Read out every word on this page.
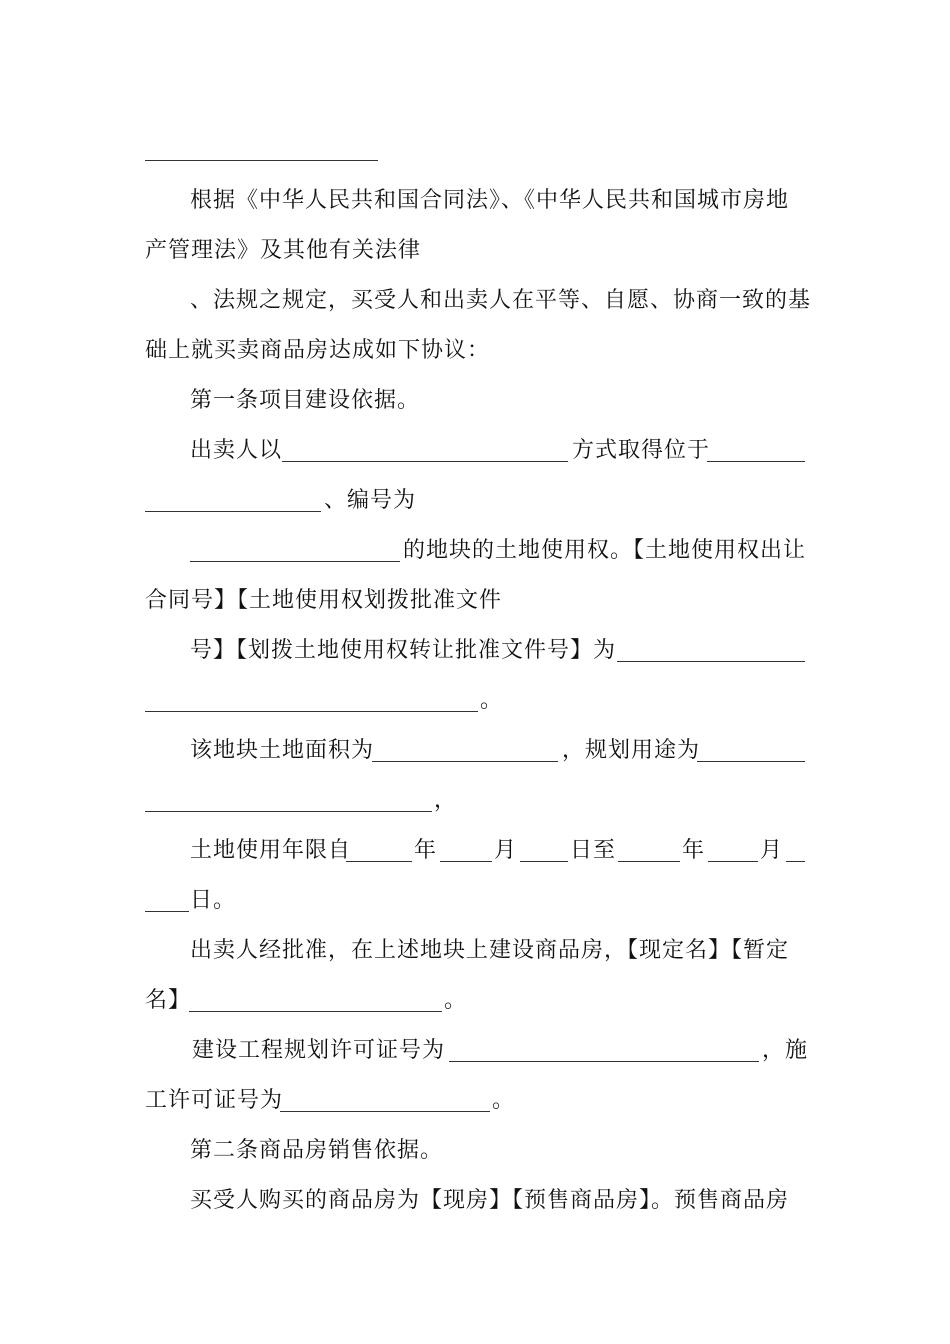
根据《中华人民共和国合同法》、《中华人民共和国城市房地
产管理法》及其他有关法律
、法规之规定，买受人和出卖人在平等、自愿、协商一致的基
础上就买卖商品房达成如下协议：
第一条项目建设依据。
出卖人以	方式取得位于
、编号为
的地块的土地使用权。【土地使用权出让
合同号】【土地使用权划拨批准文件
号】【划拨土地使用权转让批准文件号】为
。
该地块土地面积为	，规划用途为
，
土地使用年限自	年	月 日至	年 月
日。
出卖人经批准，在上述地块上建设商品房，【现定名】【暂定
名】	。
建设工程规划许可证号为	，施
工许可证号为	。
第二条商品房销售依据。
买受人购买的商品房为【现房】【预售商品房】。预售商品房
